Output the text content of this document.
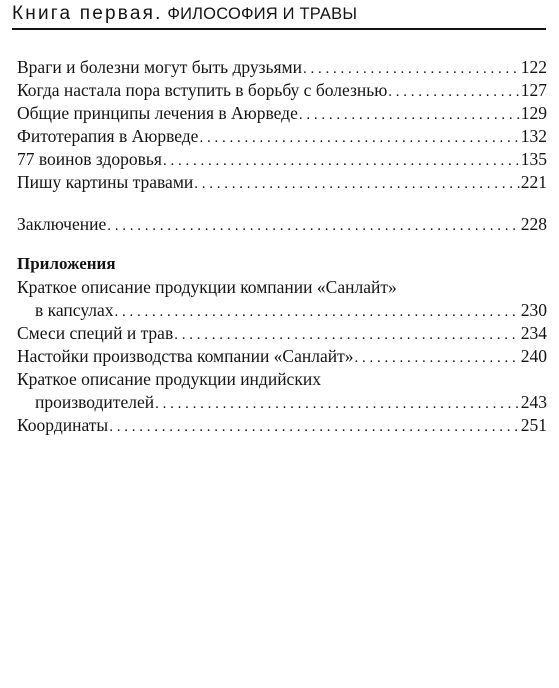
Книга первая. ФИЛОСОФИЯ И ТРАВЫ
Враги и болезни могут быть друзьями . . .	122
Когда настала пора вступить в борьбу с болезнью . . .	127
Общие принципы лечения в Аюрведе . . .	129
Фитотерапия в Аюрведе . . .	132
77 воинов здоровья . . .	135
Пишу картины травами . . .	221
Заключение . . .	228
Приложения
Краткое описание продукции компании «Санлайт»
в капсулах . . .	230
Смеси специй и трав . . .	234
Настойки производства компании «Санлайт» . . .	240
Краткое описание продукции индийских
производителей . . .	243
Координаты . . .	251
